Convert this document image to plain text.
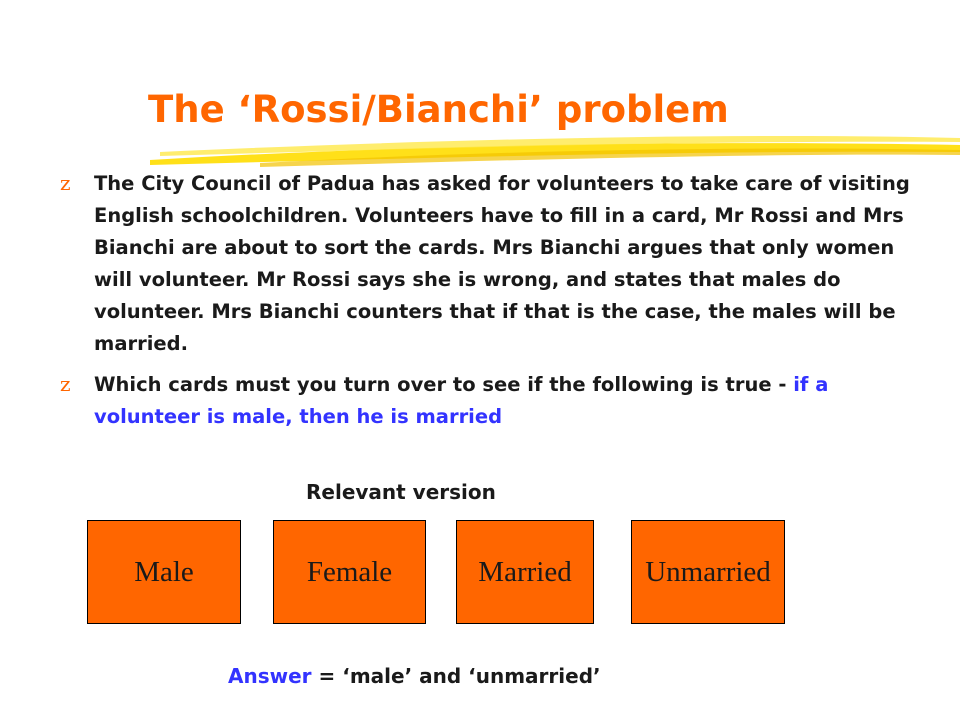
The ‘Rossi/Bianchi’ problem
z The City Council of Padua has asked for volunteers to take care of visiting English schoolchildren. Volunteers have to fill in a card, Mr Rossi and Mrs Bianchi are about to sort the cards. Mrs Bianchi argues that only women will volunteer. Mr Rossi says she is wrong, and states that males do volunteer. Mrs Bianchi counters that if that is the case, the males will be married.
z Which cards must you turn over to see if the following is true - if a volunteer is male, then he is married
Relevant version
Male	Female	Married	Unmarried
Answer = ‘male’ and ‘unmarried’
